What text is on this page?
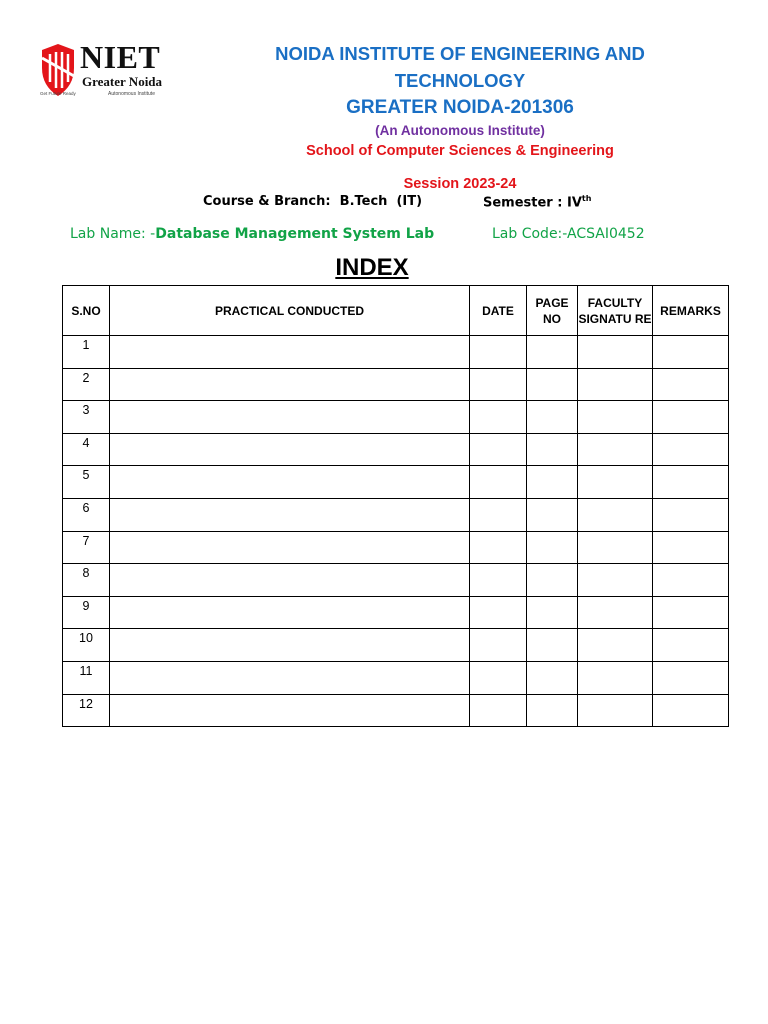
NIET
Greater Noida
Get Future Ready	Autonomous Institute
NOIDA INSTITUTE OF ENGINEERING AND
TECHNOLOGY
GREATER NOIDA-201306
(An Autonomous Institute)
School of Computer Sciences & Engineering
Session 2023-24
Course & Branch: B.Tech  (IT)	Semester : IVth
Lab Name: -Database Management System Lab	Lab Code:-ACSAI0452
INDEX
S.NO	PRACTICAL CONDUCTED	DATE	PAGE NO	FACULTY SIGNATU RE	REMARKS
1					
2					
3					
4					
5					
6					
7					
8					
9					
10					
11					
12					
